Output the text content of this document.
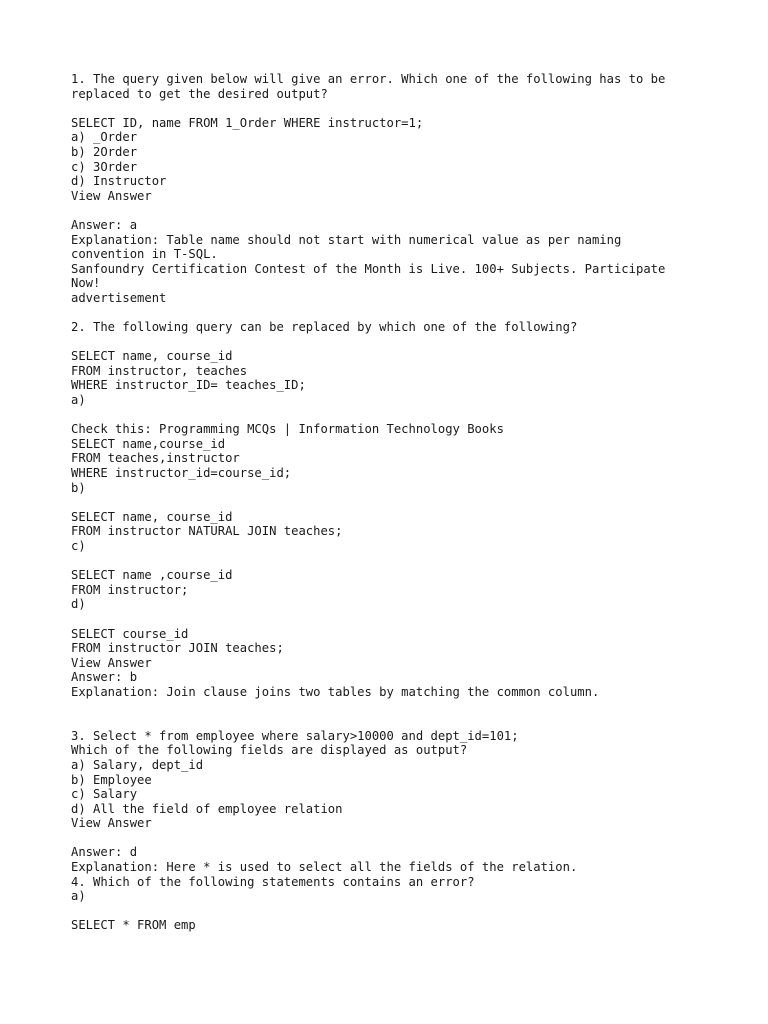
1. The query given below will give an error. Which one of the following has to be
replaced to get the desired output?
SELECT ID, name FROM 1_Order WHERE instructor=1;
a) _Order
b) 2Order
c) 3Order
d) Instructor
View Answer
Answer: a
Explanation: Table name should not start with numerical value as per naming
convention in T-SQL.
Sanfoundry Certification Contest of the Month is Live. 100+ Subjects. Participate
Now!
advertisement
2. The following query can be replaced by which one of the following?
SELECT name, course_id
FROM instructor, teaches
WHERE instructor_ID= teaches_ID;
a)
Check this: Programming MCQs | Information Technology Books
SELECT name,course_id
FROM teaches,instructor
WHERE instructor_id=course_id;
b)
SELECT name, course_id
FROM instructor NATURAL JOIN teaches;
c)
SELECT name ,course_id
FROM instructor;
d)
SELECT course_id
FROM instructor JOIN teaches;
View Answer
Answer: b
Explanation: Join clause joins two tables by matching the common column.
3. Select * from employee where salary>10000 and dept_id=101;
Which of the following fields are displayed as output?
a) Salary, dept_id
b) Employee
c) Salary
d) All the field of employee relation
View Answer
Answer: d
Explanation: Here * is used to select all the fields of the relation.
4. Which of the following statements contains an error?
a)
SELECT * FROM emp
